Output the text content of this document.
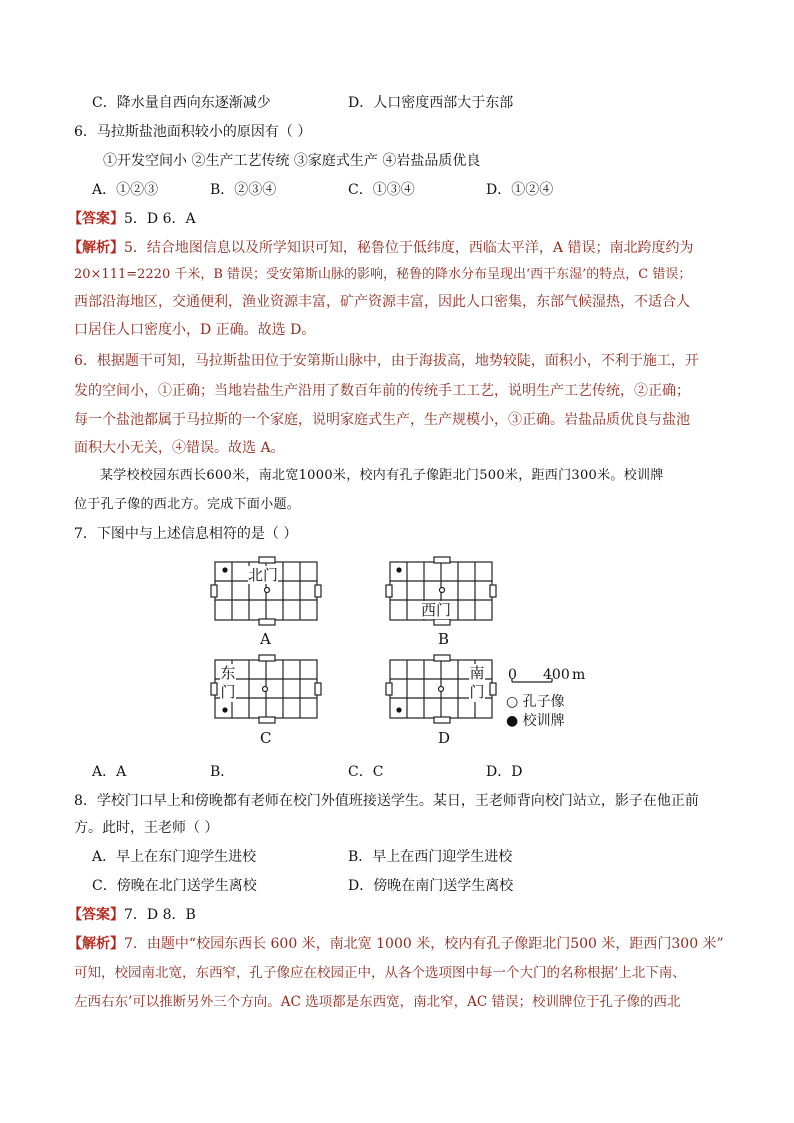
C．降水量自西向东逐渐减少	D．人口密度西部大于东部
6．马拉斯盐池面积较小的原因有（ ）
①开发空间小 ②生产工艺传统 ③家庭式生产 ④岩盐品质优良
A．①②③	B．②③④	C．①③④	D．①②④
【答案】5．D 6．A
【解析】5．结合地图信息以及所学知识可知，秘鲁位于低纬度，西临太平洋，A 错误；南北跨度约为
20×111=2220 千米，B 错误；受安第斯山脉的影响，秘鲁的降水分布呈现出‘西干东湿’的特点，C 错误；
西部沿海地区，交通便利，渔业资源丰富，矿产资源丰富，因此人口密集，东部气候湿热，不适合人
口居住人口密度小，D 正确。故选 D。
6．根据题干可知，马拉斯盐田位于安第斯山脉中，由于海拔高，地势较陡，面积小，不利于施工，开
发的空间小，①正确；当地岩盐生产沿用了数百年前的传统手工工艺，说明生产工艺传统，②正确；
每一个盐池都属于马拉斯的一个家庭，说明家庭式生产，生产规模小，③正确。岩盐品质优良与盐池
面积大小无关，④错误。故选 A。
某学校校园东西长600米，南北宽1000米，校内有孔子像距北门500米，距西门300米。校训牌
位于孔子像的西北方。完成下面小题。
7．下图中与上述信息相符的是（ ）
北门
西门
东门
南门
A	B
C	D
0 400 m
○ 孔子像
● 校训牌
A．A	B．	C．C	D．D
8．学校门口早上和傍晚都有老师在校门外值班接送学生。某日，王老师背向校门站立，影子在他正前
方。此时，王老师（ ）
A．早上在东门迎学生进校	B．早上在西门迎学生进校
C．傍晚在北门送学生离校	D．傍晚在南门送学生离校
【答案】7．D 8．B
【解析】7．由题中“校园东西长 600 米，南北宽 1000 米，校内有孔子像距北门500 米，距西门300 米”
可知，校园南北宽，东西窄，孔子像应在校园正中，从各个选项图中每一个大门的名称根据‘上北下南、
左西右东’可以推断另外三个方向。AC 选项都是东西宽，南北窄，AC 错误；校训牌位于孔子像的西北
